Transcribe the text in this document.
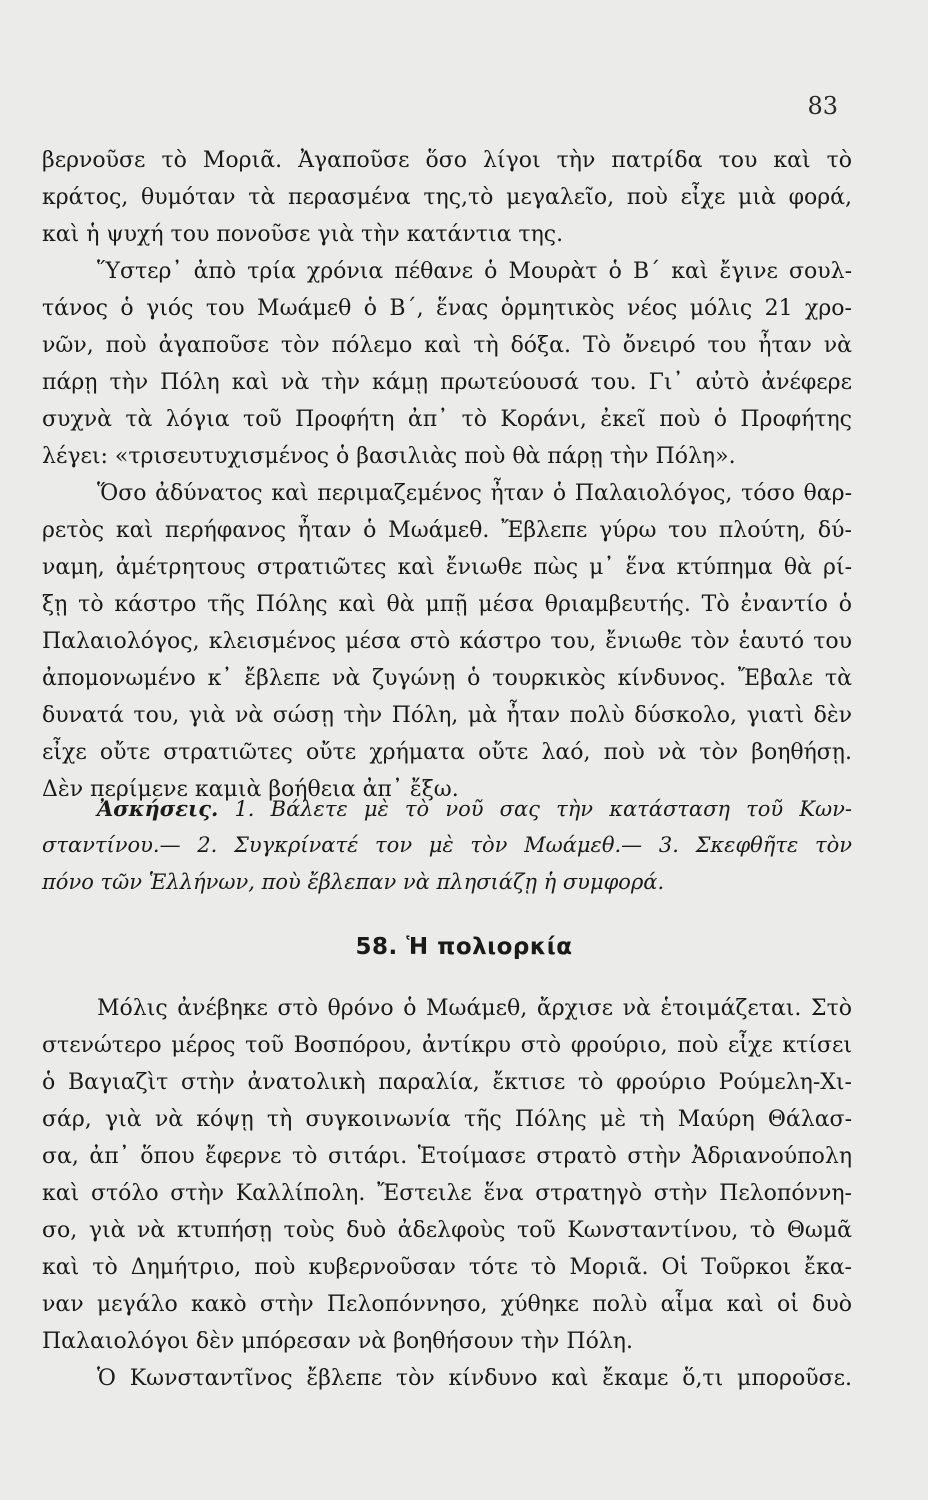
83
βερνοῦσε τὸ Μοριᾶ. Ἀγαποῦσε ὅσο λίγοι τὴν πατρίδα του καὶ τὸ
κράτος, θυμόταν τὰ περασμένα της,τὸ μεγαλεῖο, ποὺ εἶχε μιὰ φορά,
καὶ ἡ ψυχή του πονοῦσε γιὰ τὴν κατάντια της.
Ὕστερ᾿ ἀπὸ τρία χρόνια πέθανε ὁ Μουρὰτ ὁ Β΄ καὶ ἔγινε σουλ-
τάνος ὁ γιός του Μωάμεθ ὁ Β΄, ἕνας ὁρμητικὸς νέος μόλις 21 χρο-
νῶν, ποὺ ἀγαποῦσε τὸν πόλεμο καὶ τὴ δόξα. Τὸ ὄνειρό του ἦταν νὰ
πάρῃ τὴν Πόλη καὶ νὰ τὴν κάμῃ πρωτεύουσά του. Γι᾿ αὐτὸ ἀνέφερε
συχνὰ τὰ λόγια τοῦ Προφήτη ἀπ᾿ τὸ Κοράνι, ἐκεῖ ποὺ ὁ Προφήτης
λέγει: «τρισευτυχισμένος ὁ βασιλιὰς ποὺ θὰ πάρῃ τὴν Πόλη».
Ὅσο ἀδύνατος καὶ περιμαζεμένος ἦταν ὁ Παλαιολόγος, τόσο θαρ-
ρετὸς καὶ περήφανος ἦταν ὁ Μωάμεθ. Ἔβλεπε γύρω του πλούτη, δύ-
ναμη, ἀμέτρητους στρατιῶτες καὶ ἔνιωθε πὼς μ᾿ ἕνα κτύπημα θὰ ρί-
ξῃ τὸ κάστρο τῆς Πόλης καὶ θὰ μπῇ μέσα θριαμβευτής. Τὸ ἐναντίο ὁ
Παλαιολόγος, κλεισμένος μέσα στὸ κάστρο του, ἔνιωθε τὸν ἑαυτό του
ἀπομονωμένο κ᾿ ἔβλεπε νὰ ζυγώνῃ ὁ τουρκικὸς κίνδυνος. Ἔβαλε τὰ
δυνατά του, γιὰ νὰ σώσῃ τὴν Πόλη, μὰ ἦταν πολὺ δύσκολο, γιατὶ δὲν
εἶχε οὔτε στρατιῶτες οὔτε χρήματα οὔτε λαό, ποὺ νὰ τὸν βοηθήσῃ.
Δὲν περίμενε καμιὰ βοήθεια ἀπ᾿ ἔξω.
Ἀσκήσεις. 1. Βάλετε μὲ τὸ νοῦ σας τὴν κατάσταση τοῦ Κων-
σταντίνου.— 2. Συγκρίνατέ τον μὲ τὸν Μωάμεθ.— 3. Σκεφθῆτε τὸν
πόνο τῶν Ἑλλήνων, ποὺ ἔβλεπαν νὰ πλησιάζῃ ἡ συμφορά.
58. Ἡ πολιορκία
Μόλις ἀνέβηκε στὸ θρόνο ὁ Μωάμεθ, ἄρχισε νὰ ἑτοιμάζεται. Στὸ
στενώτερο μέρος τοῦ Βοσπόρου, ἀντίκρυ στὸ φρούριο, ποὺ εἶχε κτίσει
ὁ Βαγιαζὶτ στὴν ἀνατολικὴ παραλία, ἔκτισε τὸ φρούριο Ρούμελη-Χι-
σάρ, γιὰ νὰ κόψῃ τὴ συγκοινωνία τῆς Πόλης μὲ τὴ Μαύρη Θάλασ-
σα, ἀπ᾿ ὅπου ἔφερνε τὸ σιτάρι. Ἑτοίμασε στρατὸ στὴν Ἀδριανούπολη
καὶ στόλο στὴν Καλλίπολη. Ἔστειλε ἕνα στρατηγὸ στὴν Πελοπόννη-
σο, γιὰ νὰ κτυπήσῃ τοὺς δυὸ ἀδελφοὺς τοῦ Κωνσταντίνου, τὸ Θωμᾶ
καὶ τὸ Δημήτριο, ποὺ κυβερνοῦσαν τότε τὸ Μοριᾶ. Οἱ Τοῦρκοι ἔκα-
ναν μεγάλο κακὸ στὴν Πελοπόννησο, χύθηκε πολὺ αἷμα καὶ οἱ δυὸ
Παλαιολόγοι δὲν μπόρεσαν νὰ βοηθήσουν τὴν Πόλη.
Ὁ Κωνσταντῖνος ἔβλεπε τὸν κίνδυνο καὶ ἔκαμε ὅ,τι μποροῦσε.
